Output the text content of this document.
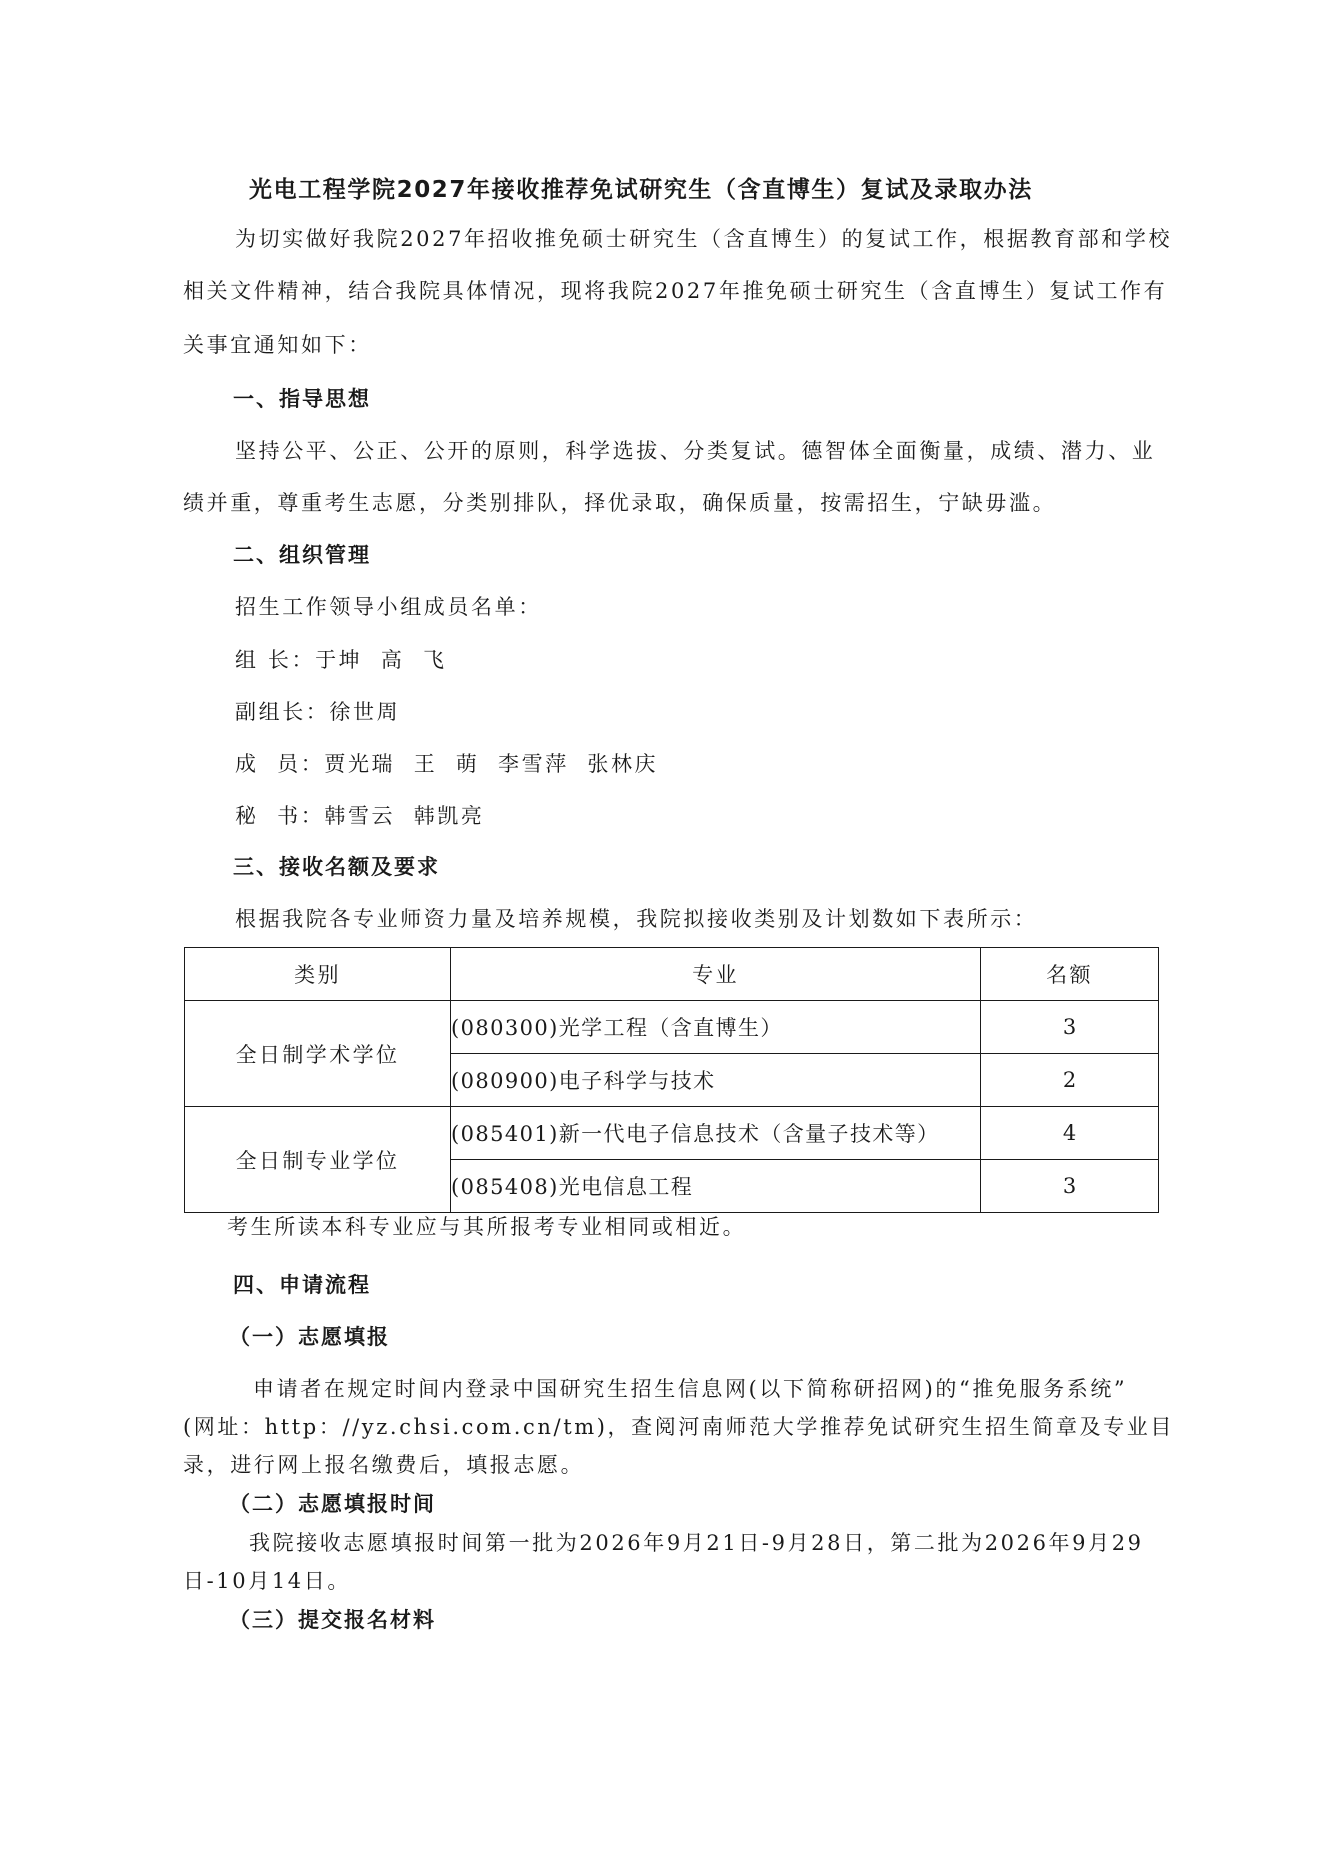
光电工程学院2027年接收推荐免试研究生（含直博生）复试及录取办法
为切实做好我院2027年招收推免硕士研究生（含直博生）的复试工作，根据教育部和学校
相关文件精神，结合我院具体情况，现将我院2027年推免硕士研究生（含直博生）复试工作有
关事宜通知如下：
一、指导思想
坚持公平、公正、公开的原则，科学选拔、分类复试。德智体全面衡量，成绩、潜力、业
绩并重，尊重考生志愿，分类别排队，择优录取，确保质量，按需招生，宁缺毋滥。
二、组织管理
招生工作领导小组成员名单：
组 长：于坤  高  飞
副组长：徐世周
成  员：贾光瑞  王  萌  李雪萍  张林庆
秘  书：韩雪云  韩凯亮
三、接收名额及要求
根据我院各专业师资力量及培养规模，我院拟接收类别及计划数如下表所示：
类别	专业	名额
全日制学术学位	(080300)光学工程（含直博生）	3
	(080900)电子科学与技术	2
全日制专业学位	(085401)新一代电子信息技术（含量子技术等）	4
	(085408)光电信息工程	3
考生所读本科专业应与其所报考专业相同或相近。
四、申请流程
（一）志愿填报
申请者在规定时间内登录中国研究生招生信息网(以下简称研招网)的“推免服务系统”
(网址：http：//yz.chsi.com.cn/tm)，查阅河南师范大学推荐免试研究生招生简章及专业目
录，进行网上报名缴费后，填报志愿。
（二）志愿填报时间
我院接收志愿填报时间第一批为2026年9月21日-9月28日，第二批为2026年9月29
日-10月14日。
（三）提交报名材料
